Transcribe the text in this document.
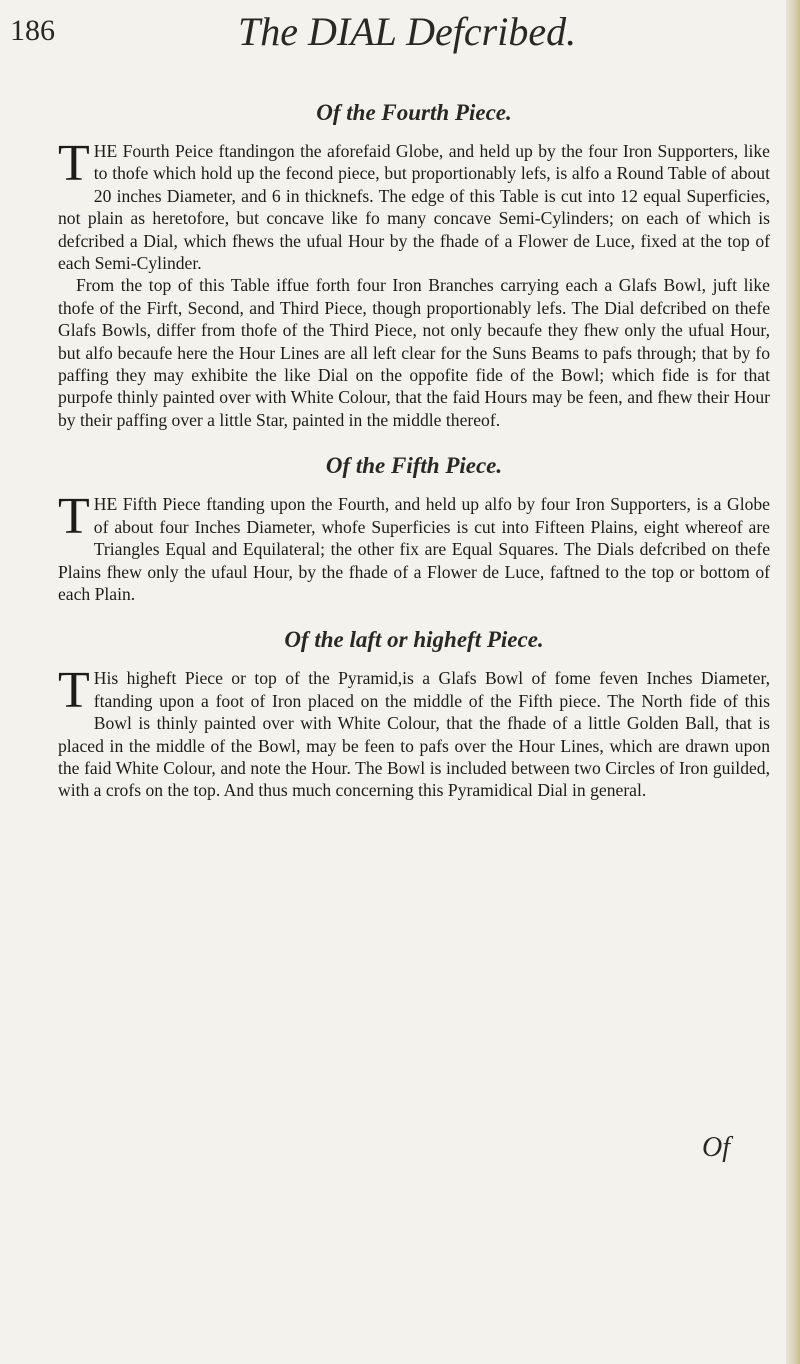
186	The DIAL Defcribed.
Of the Fourth Piece.

THE Fourth Peice ftandingon the aforefaid Globe, and held up by the four Iron Supporters, like to thofe which hold up the fecond piece, but proportionably lefs, is alfo a Round Table of about 20 inches Diameter, and 6 in thicknefs. The edge of this Table is cut into 12 equal Superficies, not plain as heretofore, but concave like fo many concave Semi-Cylinders; on each of which is defcribed a Dial, which fhews the ufual Hour by the fhade of a Flower de Luce, fixed at the top of each Semi-Cylinder.

From the top of this Table iffue forth four Iron Branches carrying each a Glafs Bowl, juft like thofe of the Firft, Second, and Third Piece, though proportionably lefs. The Dial defcribed on thefe Glafs Bowls, differ from thofe of the Third Piece, not only becaufe they fhew only the ufual Hour, but alfo becaufe here the Hour Lines are all left clear for the Suns Beams to pafs through; that by fo paffing they may exhibite the like Dial on the oppofite fide of the Bowl; which fide is for that purpofe thinly painted over with White Colour, that the faid Hours may be feen, and fhew their Hour by their paffing over a little Star, painted in the middle thereof.

Of the Fifth Piece.

THE Fifth Piece ftanding upon the Fourth, and held up alfo by four Iron Supporters, is a Globe of about four Inches Diameter, whofe Superficies is cut into Fifteen Plains, eight whereof are Triangles Equal and Equilateral; the other fix are Equal Squares. The Dials defcribed on thefe Plains fhew only the ufaul Hour, by the fhade of a Flower de Luce, faftned to the top or bottom of each Plain.

Of the laft or higheft Piece.

T His higheft Piece or top of the Pyramid,is a Glafs Bowl of fome feven Inches Diameter, ftanding upon a foot of Iron placed on the middle of the Fifth piece. The North fide of this Bowl is thinly painted over with White Colour, that the fhade of a little Golden Ball, that is placed in the middle of the Bowl, may be feen to pafs over the Hour Lines, which are drawn upon the faid White Colour, and note the Hour. The Bowl is included between two Circles of Iron guilded, with a crofs on the top. And thus much concerning this Pyramidical Dial in general.

Of
